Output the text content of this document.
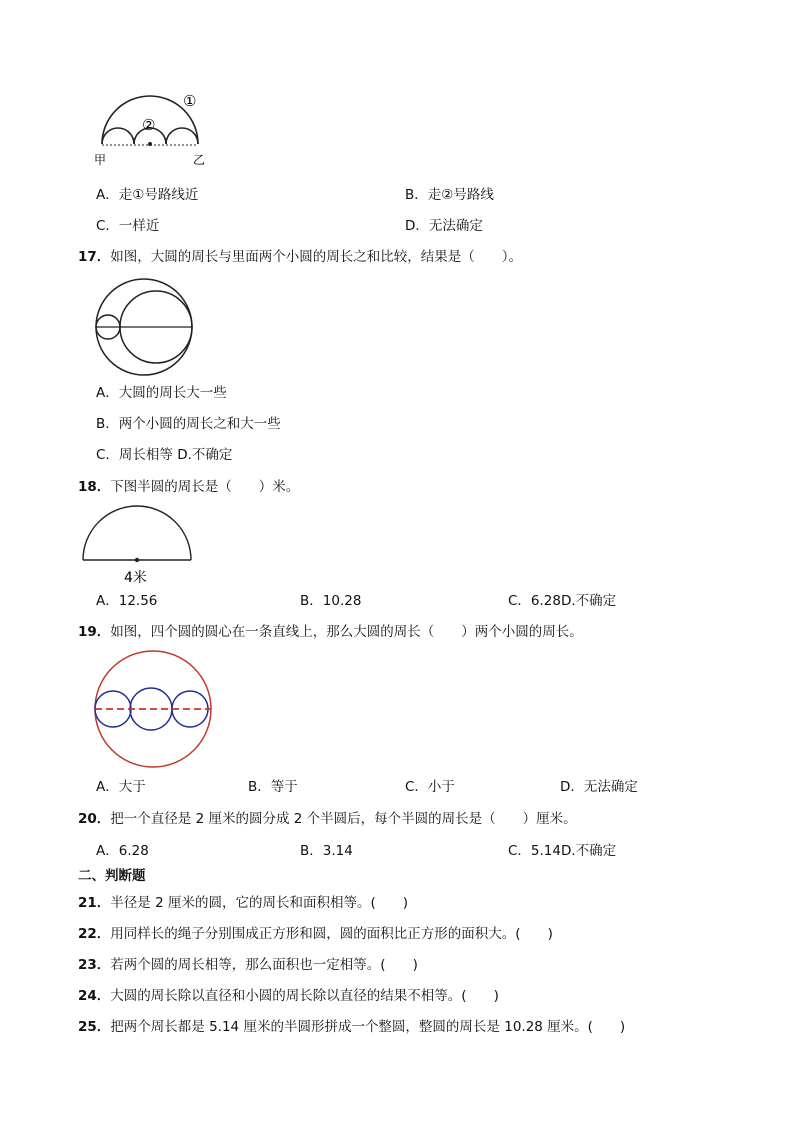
①
②
甲	乙
A．走①号路线近	B．走②号路线
C．一样近	D．无法确定
17．如图，大圆的周长与里面两个小圆的周长之和比较，结果是（　　）。
A．大圆的周长大一些
B．两个小圆的周长之和大一些
C．周长相等 D.不确定
18．下图半圆的周长是（　　）米。
4米
A．12.56	B．10.28	C．6.28D.不确定
19．如图，四个圆的圆心在一条直线上，那么大圆的周长（　　）两个小圆的周长。
A．大于	B．等于	C．小于	D．无法确定
20．把一个直径是 2 厘米的圆分成 2 个半圆后，每个半圆的周长是（　　）厘米。
A．6.28	B．3.14	C．5.14D.不确定
二、判断题
21．半径是 2 厘米的圆，它的周长和面积相等。(　　)
22．用同样长的绳子分别围成正方形和圆，圆的面积比正方形的面积大。(　　)
23．若两个圆的周长相等，那么面积也一定相等。(　　)
24．大圆的周长除以直径和小圆的周长除以直径的结果不相等。(　　)
25．把两个周长都是 5.14 厘米的半圆形拼成一个整圆，整圆的周长是 10.28 厘米。(　　)
